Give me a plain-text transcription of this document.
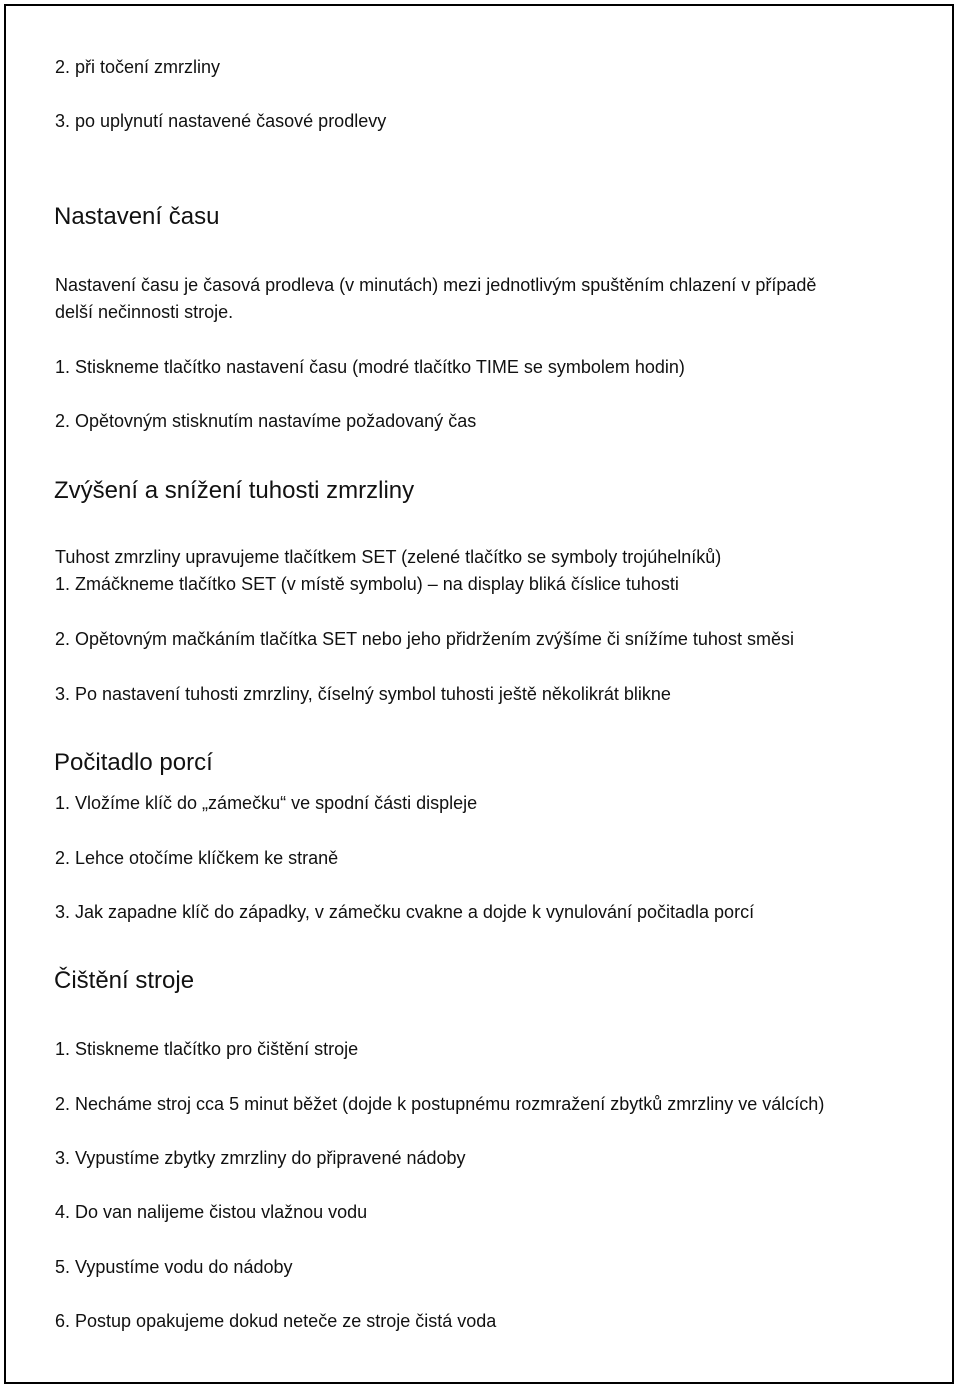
2. při točení zmrzliny
3. po uplynutí nastavené časové prodlevy
Nastavení času
Nastavení času je časová prodleva (v minutách) mezi jednotlivým spuštěním chlazení v případě
delší nečinnosti stroje.
1. Stiskneme tlačítko nastavení času (modré tlačítko TIME se symbolem hodin)
2. Opětovným stisknutím nastavíme požadovaný čas
Zvýšení a snížení tuhosti zmrzliny
Tuhost zmrzliny upravujeme tlačítkem SET (zelené tlačítko se symboly trojúhelníků)
1. Zmáčkneme tlačítko SET (v místě symbolu) – na display bliká číslice tuhosti
2. Opětovným mačkáním tlačítka SET nebo jeho přidržením zvýšíme či snížíme tuhost směsi
3. Po nastavení tuhosti zmrzliny, číselný symbol tuhosti ještě několikrát blikne
Počitadlo porcí
1. Vložíme klíč do „zámečku“ ve spodní části displeje
2. Lehce otočíme klíčkem ke straně
3. Jak zapadne klíč do západky, v zámečku cvakne a dojde k vynulování počitadla porcí
Čištění stroje
1. Stiskneme tlačítko pro čištění stroje
2. Necháme stroj cca 5 minut běžet (dojde k postupnému rozmražení zbytků zmrzliny ve válcích)
3. Vypustíme zbytky zmrzliny do připravené nádoby
4. Do van nalijeme čistou vlažnou vodu
5. Vypustíme vodu do nádoby
6. Postup opakujeme dokud neteče ze stroje čistá voda
